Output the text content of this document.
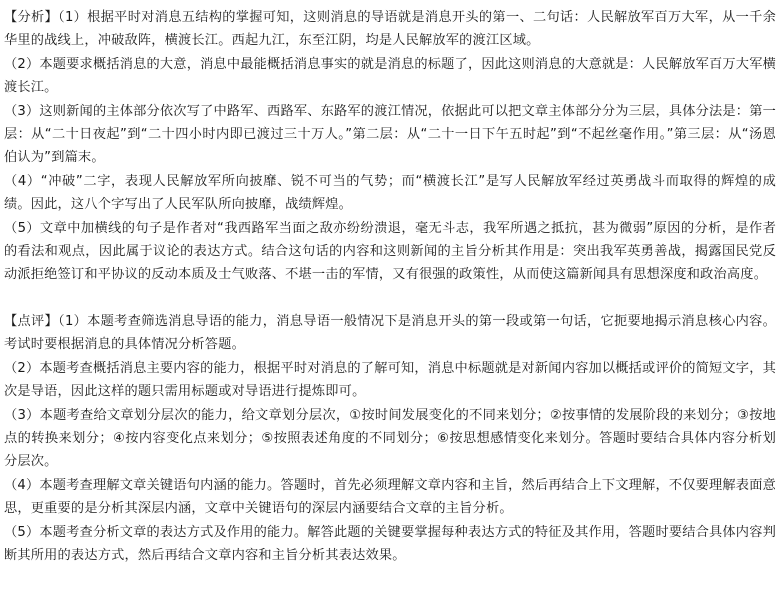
【分析】（1）根据平时对消息五结构的掌握可知，这则消息的导语就是消息开头的第一、二句话：人民解放军百万大军，从一千余华里的战线上，冲破敌阵，横渡长江。西起九江，东至江阴，均是人民解放军的渡江区域。

（2）本题要求概括消息的大意，消息中最能概括消息事实的就是消息的标题了，因此这则消息的大意就是：人民解放军百万大军横渡长江。

（3）这则新闻的主体部分依次写了中路军、西路军、东路军的渡江情况，依据此可以把文章主体部分分为三层，具体分法是：第一层：从“二十日夜起”到“二十四小时内即已渡过三十万人。”第二层：从“二十一日下午五时起”到“不起丝毫作用。”第三层：从“汤恩伯认为”到篇末。

（4）“冲破”二字，表现人民解放军所向披靡、锐不可当的气势；而“横渡长江”是写人民解放军经过英勇战斗而取得的辉煌的成绩。因此，这八个字写出了人民军队所向披靡，战绩辉煌。

（5）文章中加横线的句子是作者对“我西路军当面之敌亦纷纷溃退，毫无斗志，我军所遇之抵抗，甚为微弱”原因的分析，是作者的看法和观点，因此属于议论的表达方式。结合这句话的内容和这则新闻的主旨分析其作用是：突出我军英勇善战，揭露国民党反动派拒绝签订和平协议的反动本质及士气败落、不堪一击的军情，又有很强的政策性，从而使这篇新闻具有思想深度和政治高度。

【点评】（1）本题考查筛选消息导语的能力，消息导语一般情况下是消息开头的第一段或第一句话，它扼要地揭示消息核心内容。考试时要根据消息的具体情况分析答题。

（2）本题考查概括消息主要内容的能力，根据平时对消息的了解可知，消息中标题就是对新闻内容加以概括或评价的简短文字，其次是导语，因此这样的题只需用标题或对导语进行提炼即可。

（3）本题考查给文章划分层次的能力，给文章划分层次，①按时间发展变化的不同来划分；②按事情的发展阶段的来划分；③按地点的转换来划分；④按内容变化点来划分；⑤按照表述角度的不同划分；⑥按思想感情变化来划分。答题时要结合具体内容分析划分层次。

（4）本题考查理解文章关键语句内涵的能力。答题时，首先必须理解文章内容和主旨，然后再结合上下文理解，不仅要理解表面意思，更重要的是分析其深层内涵，文章中关键语句的深层内涵要结合文章的主旨分析。

（5）本题考查分析文章的表达方式及作用的能力。解答此题的关键要掌握每种表达方式的特征及其作用，答题时要结合具体内容判断其所用的表达方式，然后再结合文章内容和主旨分析其表达效果。
